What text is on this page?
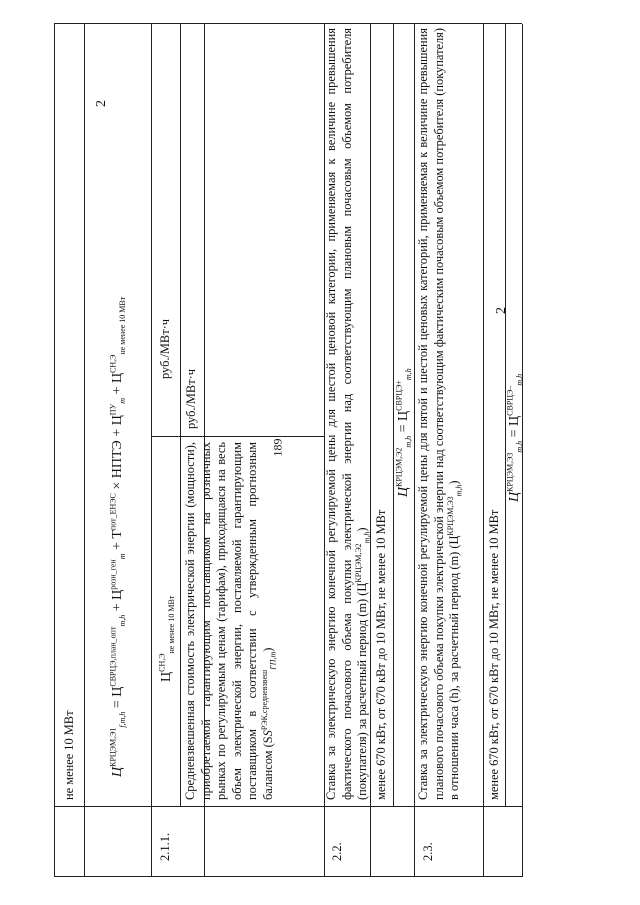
189
не менее 10 МВт $Ц^{КРЦЭМ,Э1}_{f,m,h} = Ц^{СВРЦЭ,план\_опт}_{m,h} + Ц^{розн\_ген}_m + Т^{пот\_ЕНЭС}$ × НПТЭ + $Ц^{ПУ}_m + Ц^{СН,Э}_{не менее 10 МВт}$
2
$Ц^{СН,Э}_{не менее 10 МВт}$
руб./МВт·ч
2.1.1.
Средневзвешенная стоимость электрической энергии (мощности), приобретаемой гарантирующим поставщиком на розничных рынках по регулируемым ценам (тарифам), приходящаяся на весь объем электрической энергии, поставляемой гарантирующим поставщиком в соответствии с утвержденным прогнозным балансом $(SS^{РЭК,средневзвеш}_{ГП,m})$
руб./МВт·ч
2.2.
Ставка за электрическую энергию конечной регулируемой цены для шестой ценовой категории, применяемая к величине превышения фактического почасового объема покупки электрической энергии над соответствующим плановым почасовым объемом потребителя (покупателя) за расчетный период (m) $(Ц^{КРЦЭМ,Э2}_{m,h})$ менее 670 кВт, от 670 кВт до 10 МВт, не менее 10 МВт
$Ц^{КРЦЭМ,Э2}_{m,h} = Ц^{СВРЦЭ+}_{m,h}$
2.3.
Ставка за электрическую энергию конечной регулируемой цены для пятой и шестой ценовых категорий, применяемая к величине превышения планового почасового объема покупки электрической энергии над соответствующим фактическим почасовым объемом потребителя (покупателя) в отношении часа (h), за расчетный период (m) $(Ц^{КРЦЭМ,Э3}_{m,h})$
менее 670 кВт, от 670 кВт до 10 МВт, не менее 10 МВт
$Ц^{КРЦЭМ,Э3}_{m,h} = Ц^{СВРЦЭ-}_{m,h}$
2
